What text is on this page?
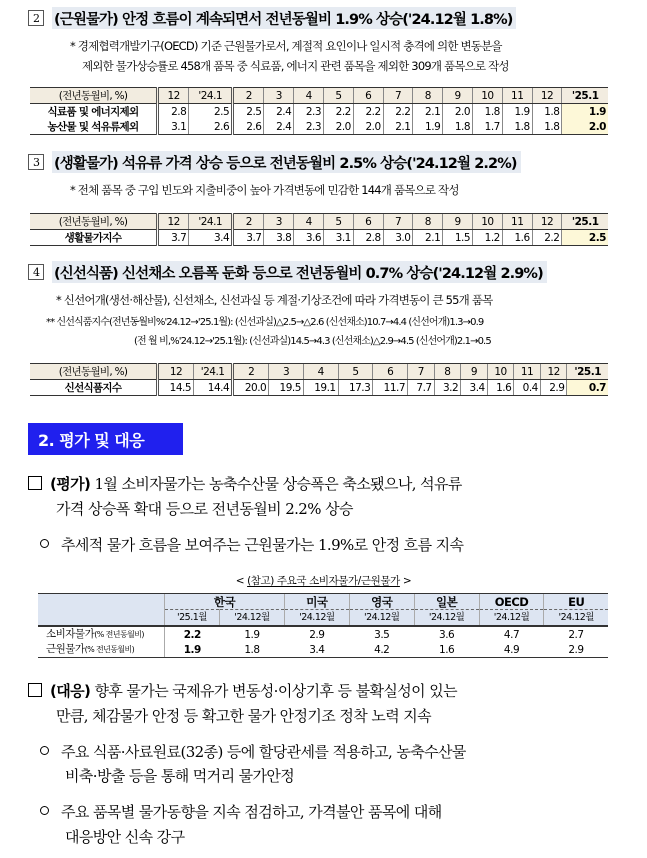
2	(근원물가) 안정 흐름이 계속되면서 전년동월비 1.9% 상승('24.12월 1.8%)
* 경제협력개발기구(OECD) 기준 근원물가로서, 계절적 요인이나 일시적 충격에 의한 변동분을
제외한 물가상승률로 458개 품목 중 식료품, 에너지 관련 품목을 제외한 309개 품목으로 작성
(전년동월비, %)	12	'24.1	2	3	4	5	6	7	8	9	10	11	12	'25.1
식료품 및 에너지제외	2.8	2.5	2.5	2.4	2.3	2.2	2.2	2.2	2.1	2.0	1.8	1.9	1.8	1.9
농산물 및 석유류제외	3.1	2.6	2.6	2.4	2.3	2.0	2.0	2.1	1.9	1.8	1.7	1.8	1.8	2.0
3	(생활물가) 석유류 가격 상승 등으로 전년동월비 2.5% 상승('24.12월 2.2%)
* 전체 품목 중 구입 빈도와 지출비중이 높아 가격변동에 민감한 144개 품목으로 작성
(전년동월비, %)	12	'24.1	2	3	4	5	6	7	8	9	10	11	12	'25.1
생활물가지수	3.7	3.4	3.7	3.8	3.6	3.1	2.8	3.0	2.1	1.5	1.2	1.6	2.2	2.5
4	(신선식품) 신선채소 오름폭 둔화 등으로 전년동월비 0.7% 상승('24.12월 2.9%)
* 신선어개(생선·해산물), 신선채소, 신선과실 등 계절·기상조건에 따라 가격변동이 큰 55개 품목
** 신선식품지수(전년동월비%'24.12→'25.1월): (신선과실)△2.5→△2.6 (신선채소)10.7→4.4 (신선어개)1.3→0.9
(전 월 비,%'24.12→'25.1월): (신선과실)14.5→4.3 (신선채소)△2.9→4.5 (신선어개)2.1→0.5
(전년동월비, %)	12	'24.1	2	3	4	5	6	7	8	9	10	11	12	'25.1
신선식품지수	14.5	14.4	20.0	19.5	19.1	17.3	11.7	7.7	3.2	3.4	1.6	0.4	2.9	0.7
2. 평가 및 대응
(평가) 1월 소비자물가는 농축수산물 상승폭은 축소됐으나, 석유류
가격 상승폭 확대 등으로 전년동월비 2.2% 상승
추세적 물가 흐름을 보여주는 근원물가는 1.9%로 안정 흐름 지속
< (참고) 주요국 소비자물가/근원물가 >
	한국		미국	영국	일본	OECD	EU
	'25.1월	'24.12월	'24.12월	'24.12월	'24.12월	'24.12월	'24.12월
소비자물가(% 전년동월비)	2.2	1.9	2.9	3.5	3.6	4.7	2.7
근원물가(% 전년동월비)	1.9	1.8	3.4	4.2	1.6	4.9	2.9
(대응) 향후 물가는 국제유가 변동성·이상기후 등 불확실성이 있는
만큼, 체감물가 안정 등 확고한 물가 안정기조 정착 노력 지속
주요 식품·사료원료(32종) 등에 할당관세를 적용하고, 농축수산물
비축·방출 등을 통해 먹거리 물가안정
주요 품목별 물가동향을 지속 점검하고, 가격불안 품목에 대해
대응방안 신속 강구
